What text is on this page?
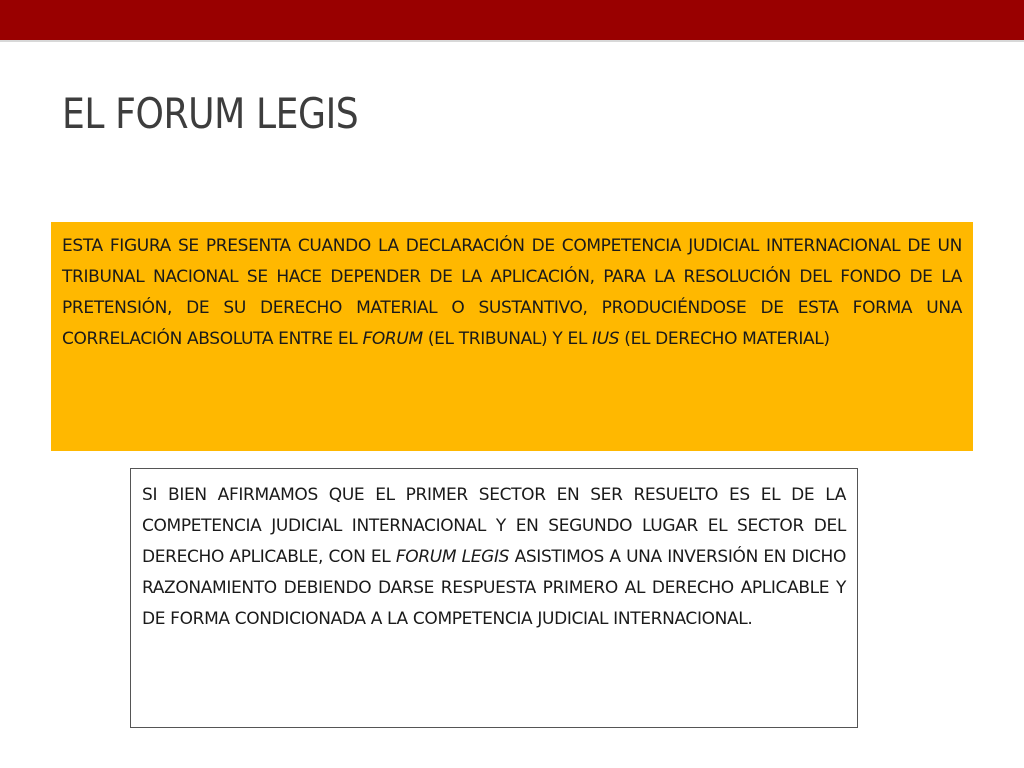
EL FORUM LEGIS

ESTA FIGURA SE PRESENTA CUANDO LA DECLARACIÓN DE COMPETENCIA JUDICIAL INTERNACIONAL DE UN TRIBUNAL NACIONAL SE HACE DEPENDER DE LA APLICACIÓN, PARA LA RESOLUCIÓN DEL FONDO DE LA PRETENSIÓN, DE SU DERECHO MATERIAL O SUSTANTIVO, PRODUCIÉNDOSE DE ESTA FORMA UNA CORRELACIÓN ABSOLUTA ENTRE EL FORUM (EL TRIBUNAL) Y EL IUS (EL DERECHO MATERIAL)

SI BIEN AFIRMAMOS QUE EL PRIMER SECTOR EN SER RESUELTO ES EL DE LA COMPETENCIA JUDICIAL INTERNACIONAL Y EN SEGUNDO LUGAR EL SECTOR DEL DERECHO APLICABLE, CON EL FORUM LEGIS ASISTIMOS A UNA INVERSIÓN EN DICHO RAZONAMIENTO DEBIENDO DARSE RESPUESTA PRIMERO AL DERECHO APLICABLE Y DE FORMA CONDICIONADA A LA COMPETENCIA JUDICIAL INTERNACIONAL.
